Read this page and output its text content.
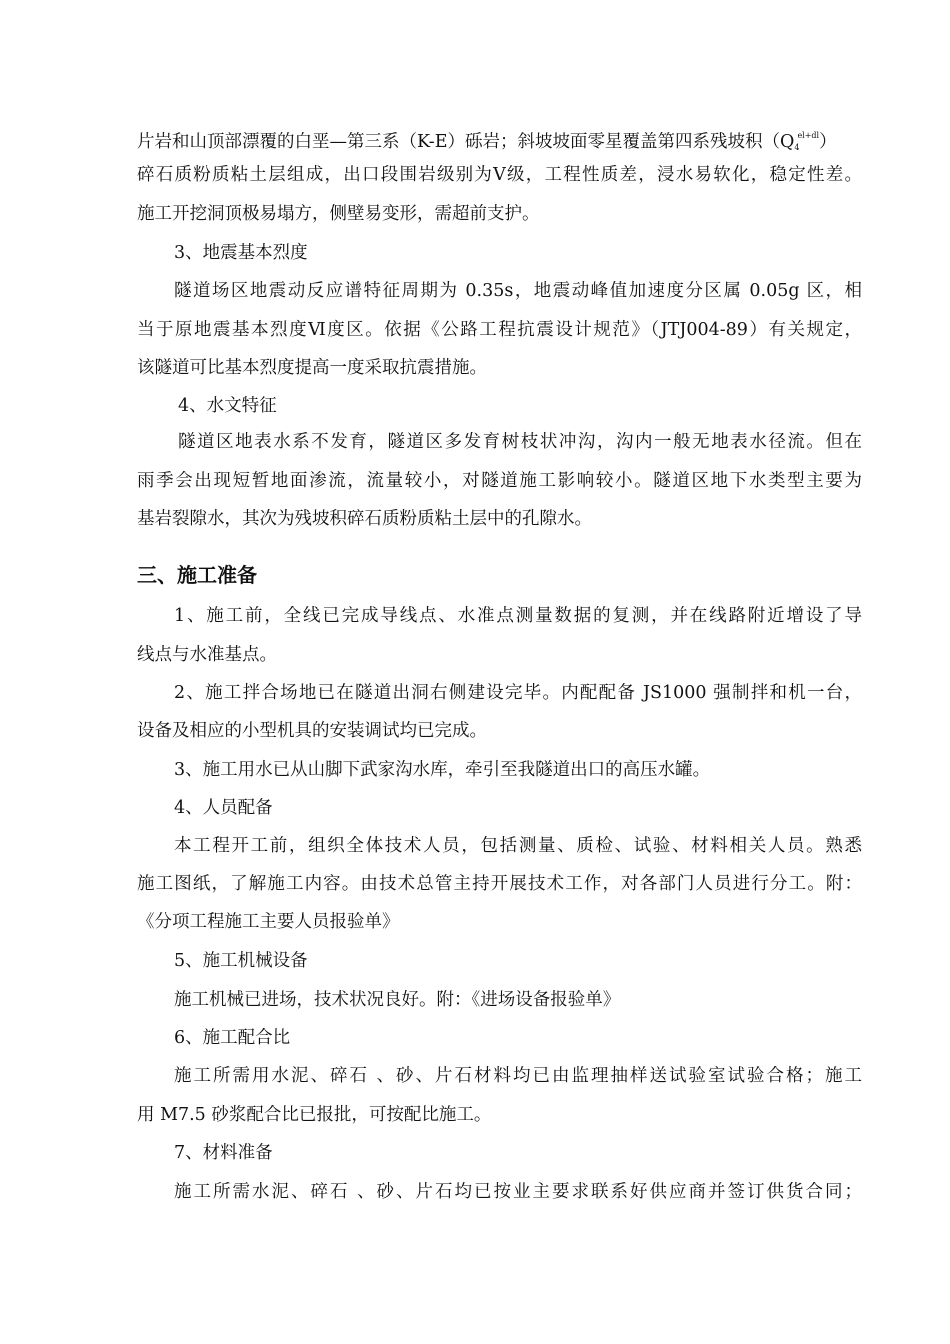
片岩和山顶部漂覆的白垩—第三系（K-E）砾岩；斜坡坡面零星覆盖第四系残坡积$(Q_4^{el+dl})$
碎石质粉质粘土层组成，出口段围岩级别为Ⅴ级，工程性质差，浸水易软化，稳定性差。
施工开挖洞顶极易塌方，侧壁易变形，需超前支护。
3、地震基本烈度
隧道场区地震动反应谱特征周期为 0.35s，地震动峰值加速度分区属 0.05g 区，相
当于原地震基本烈度Ⅵ度区。依据《公路工程抗震设计规范》（JTJ004-89）有关规定，
该隧道可比基本烈度提高一度采取抗震措施。
4、水文特征
隧道区地表水系不发育，隧道区多发育树枝状冲沟，沟内一般无地表水径流。但在
雨季会出现短暂地面渗流，流量较小，对隧道施工影响较小。隧道区地下水类型主要为
基岩裂隙水，其次为残坡积碎石质粉质粘土层中的孔隙水。
三、施工准备
1、施工前，全线已完成导线点、水准点测量数据的复测，并在线路附近增设了导
线点与水准基点。
2、施工拌合场地已在隧道出洞右侧建设完毕。内配配备 JS1000 强制拌和机一台，
设备及相应的小型机具的安装调试均已完成。
3、施工用水已从山脚下武家沟水库，牵引至我隧道出口的高压水罐。
4、人员配备
本工程开工前，组织全体技术人员，包括测量、质检、试验、材料相关人员。熟悉
施工图纸，了解施工内容。由技术总管主持开展技术工作，对各部门人员进行分工。附：
《分项工程施工主要人员报验单》
5、施工机械设备
施工机械已进场，技术状况良好。附：《进场设备报验单》
6、施工配合比
施工所需用水泥、碎石 、砂、片石材料均已由监理抽样送试验室试验合格；施工
用 M7.5 砂浆配合比已报批，可按配比施工。
7、材料准备
施工所需水泥、碎石 、砂、片石均已按业主要求联系好供应商并签订供货合同；
